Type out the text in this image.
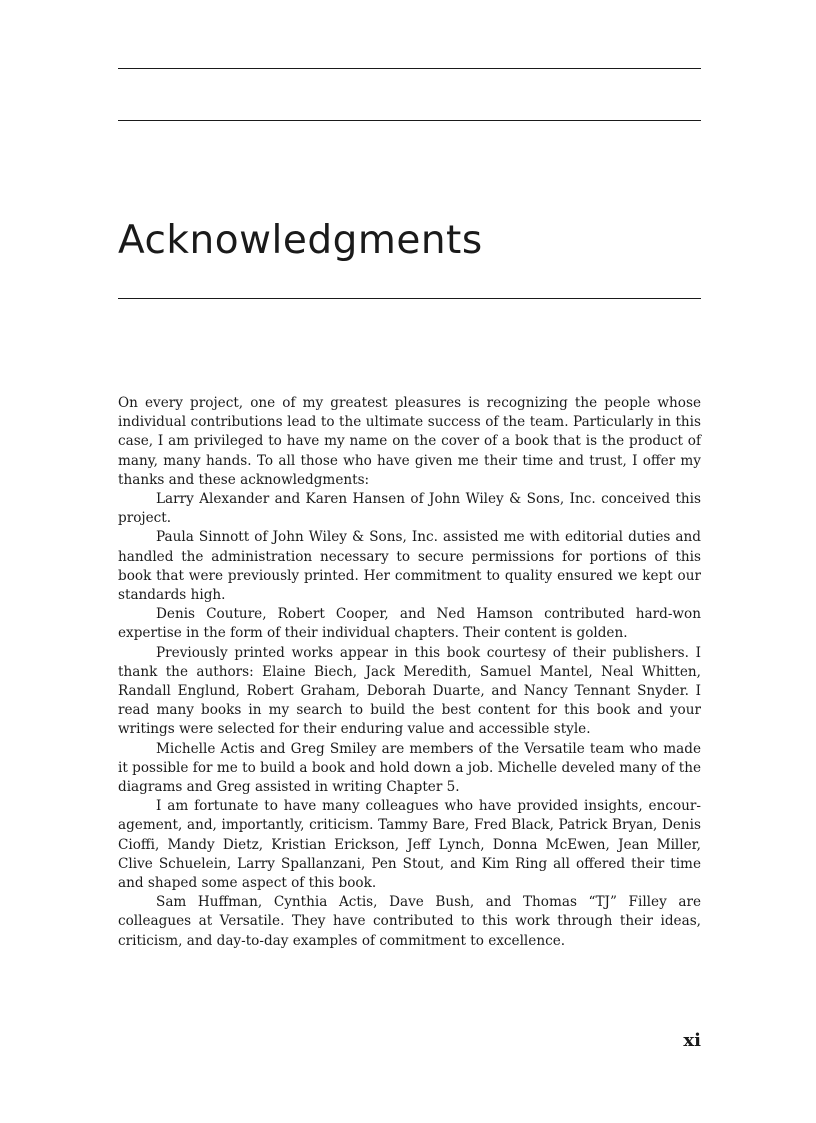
Acknowledgments

On every project, one of my greatest pleasures is recognizing the people whose individual contributions lead to the ultimate success of the team. Particularly in this case, I am privileged to have my name on the cover of a book that is the product of many, many hands. To all those who have given me their time and trust, I offer my thanks and these acknowledgments:

Larry Alexander and Karen Hansen of John Wiley & Sons, Inc. conceived this project.

Paula Sinnott of John Wiley & Sons, Inc. assisted me with editorial duties and handled the administration necessary to secure permissions for portions of this book that were previously printed. Her commitment to quality ensured we kept our standards high.

Denis Couture, Robert Cooper, and Ned Hamson contributed hard-won expertise in the form of their individual chapters. Their content is golden.

Previously printed works appear in this book courtesy of their publishers. I thank the authors: Elaine Biech, Jack Meredith, Samuel Mantel, Neal Whitten, Randall Englund, Robert Graham, Deborah Duarte, and Nancy Tennant Snyder. I read many books in my search to build the best content for this book and your writings were selected for their enduring value and accessible style.

Michelle Actis and Greg Smiley are members of the Versatile team who made it possible for me to build a book and hold down a job. Michelle develed many of the diagrams and Greg assisted in writing Chapter 5.

I am fortunate to have many colleagues who have provided insights, encouragement, and, importantly, criticism. Tammy Bare, Fred Black, Patrick Bryan, Denis Cioffi, Mandy Dietz, Kristian Erickson, Jeff Lynch, Donna McEwen, Jean Miller, Clive Schuelein, Larry Spallanzani, Pen Stout, and Kim Ring all offered their time and shaped some aspect of this book.

Sam Huffman, Cynthia Actis, Dave Bush, and Thomas “TJ” Filley are colleagues at Versatile. They have contributed to this work through their ideas, criticism, and day-to-day examples of commitment to excellence.

xi
